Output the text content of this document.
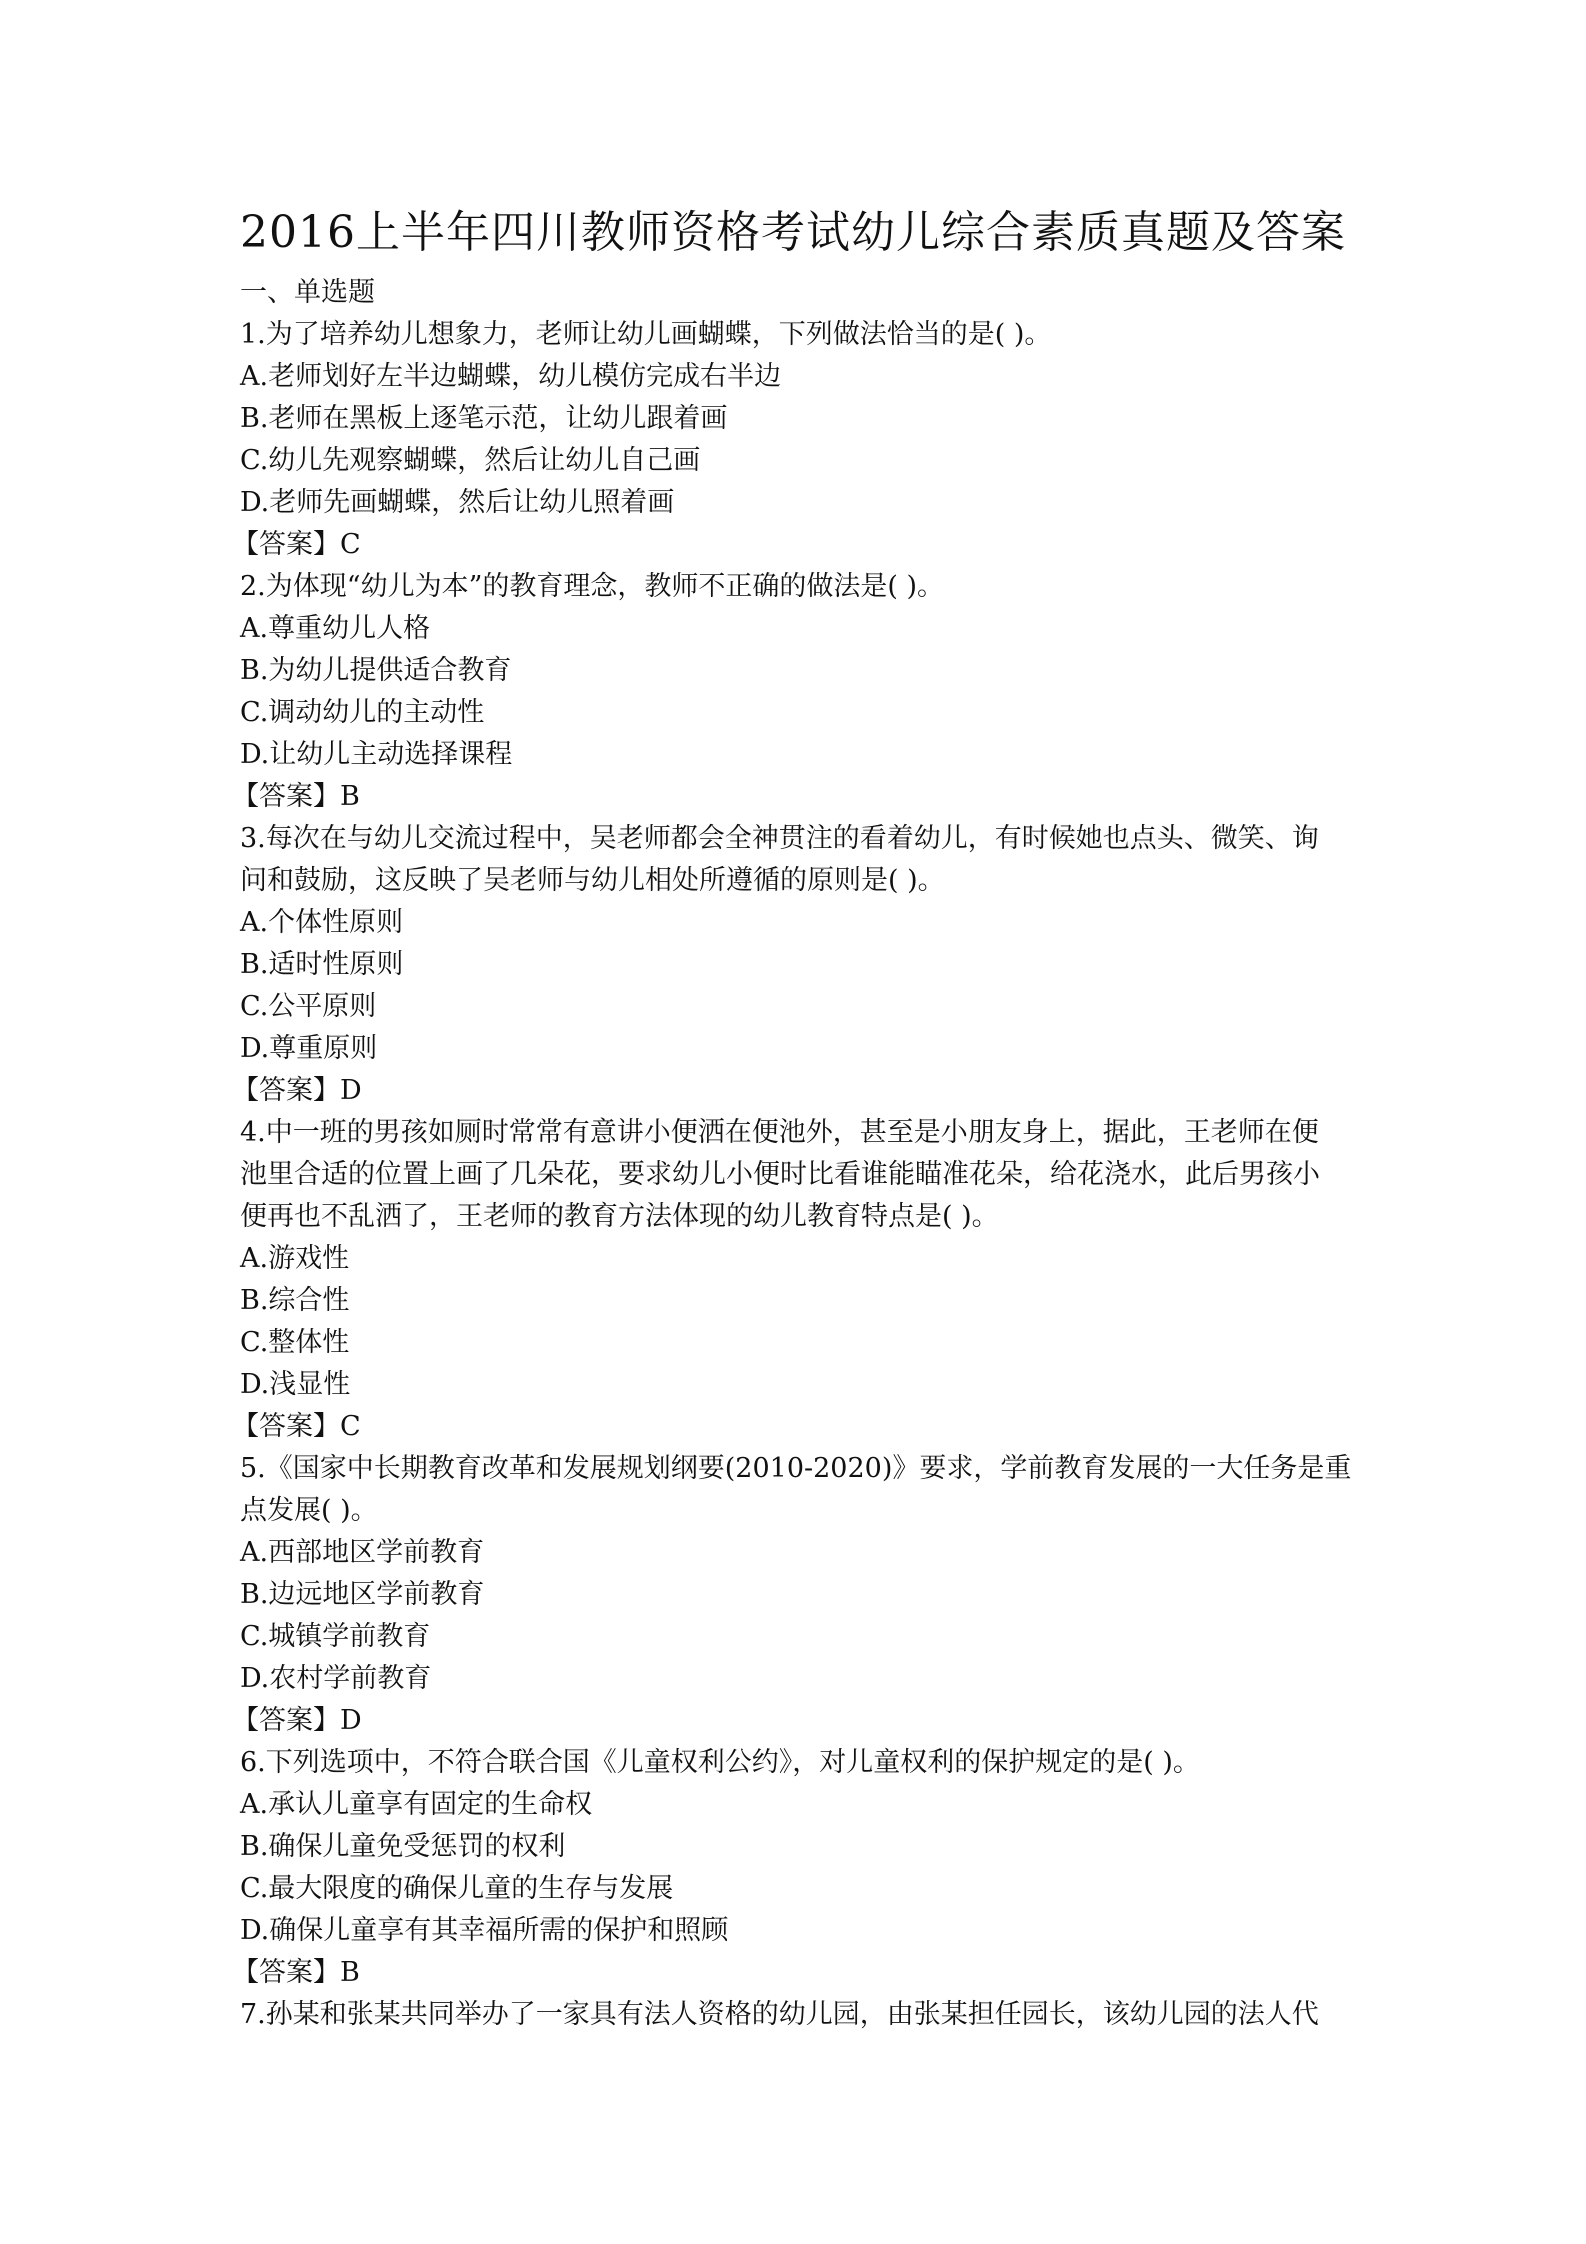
2016上半年四川教师资格考试幼儿综合素质真题及答案
一、单选题
1.为了培养幼儿想象力，老师让幼儿画蝴蝶，下列做法恰当的是( )。
A.老师划好左半边蝴蝶，幼儿模仿完成右半边
B.老师在黑板上逐笔示范，让幼儿跟着画
C.幼儿先观察蝴蝶，然后让幼儿自己画
D.老师先画蝴蝶，然后让幼儿照着画
【答案】C
2.为体现“幼儿为本”的教育理念，教师不正确的做法是( )。
A.尊重幼儿人格
B.为幼儿提供适合教育
C.调动幼儿的主动性
D.让幼儿主动选择课程
【答案】B
3.每次在与幼儿交流过程中，吴老师都会全神贯注的看着幼儿，有时候她也点头、微笑、询
问和鼓励，这反映了吴老师与幼儿相处所遵循的原则是( )。
A.个体性原则
B.适时性原则
C.公平原则
D.尊重原则
【答案】D
4.中一班的男孩如厕时常常有意讲小便洒在便池外，甚至是小朋友身上，据此，王老师在便
池里合适的位置上画了几朵花，要求幼儿小便时比看谁能瞄准花朵，给花浇水，此后男孩小
便再也不乱洒了，王老师的教育方法体现的幼儿教育特点是( )。
A.游戏性
B.综合性
C.整体性
D.浅显性
【答案】C
5.《国家中长期教育改革和发展规划纲要(2010-2020)》要求，学前教育发展的一大任务是重
点发展( )。
A.西部地区学前教育
B.边远地区学前教育
C.城镇学前教育
D.农村学前教育
【答案】D
6.下列选项中，不符合联合国《儿童权利公约》，对儿童权利的保护规定的是( )。
A.承认儿童享有固定的生命权
B.确保儿童免受惩罚的权利
C.最大限度的确保儿童的生存与发展
D.确保儿童享有其幸福所需的保护和照顾
【答案】B
7.孙某和张某共同举办了一家具有法人资格的幼儿园，由张某担任园长，该幼儿园的法人代
